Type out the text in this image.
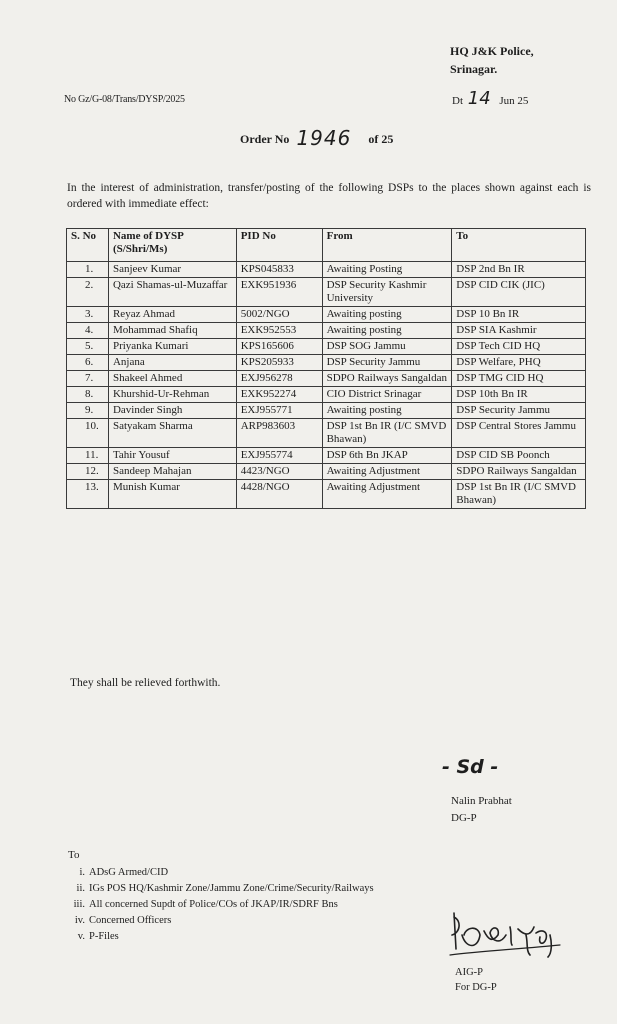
HQ J&K Police,
Srinagar.
No Gz/G-08/Trans/DYSP/2025	Dt 14 Jun 25
Order No 1946 of 25
In the interest of administration, transfer/posting of the following DSPs to the places shown against each is ordered with immediate effect:
S. No	Name of DYSP (S/Shri/Ms)	PID No	From	To
1.	Sanjeev Kumar	KPS045833	Awaiting Posting	DSP 2nd Bn IR
2.	Qazi Shamas-ul-Muzaffar	EXK951936	DSP Security Kashmir University	DSP CID CIK (JIC)
3.	Reyaz Ahmad	5002/NGO	Awaiting posting	DSP 10 Bn IR
4.	Mohammad Shafiq	EXK952553	Awaiting posting	DSP SIA Kashmir
5.	Priyanka Kumari	KPS165606	DSP SOG Jammu	DSP Tech CID HQ
6.	Anjana	KPS205933	DSP Security Jammu	DSP Welfare, PHQ
7.	Shakeel Ahmed	EXJ956278	SDPO Railways Sangaldan	DSP TMG CID HQ
8.	Khurshid-Ur-Rehman	EXK952274	CIO District Srinagar	DSP 10th Bn IR
9.	Davinder Singh	EXJ955771	Awaiting posting	DSP Security Jammu
10.	Satyakam Sharma	ARP983603	DSP 1st Bn IR (I/C SMVD Bhawan)	DSP Central Stores Jammu
11.	Tahir Yousuf	EXJ955774	DSP 6th Bn JKAP	DSP CID SB Poonch
12.	Sandeep Mahajan	4423/NGO	Awaiting Adjustment	SDPO Railways Sangaldan
13.	Munish Kumar	4428/NGO	Awaiting Adjustment	DSP 1st Bn IR (I/C SMVD Bhawan)
They shall be relieved forthwith.
- Sd -
Nalin Prabhat
DG-P
To
i. ADsG Armed/CID
ii. IGs POS HQ/Kashmir Zone/Jammu Zone/Crime/Security/Railways
iii. All concerned Supdt of Police/COs of JKAP/IR/SDRF Bns
iv. Concerned Officers
v. P-Files
AIG-P
For DG-P
